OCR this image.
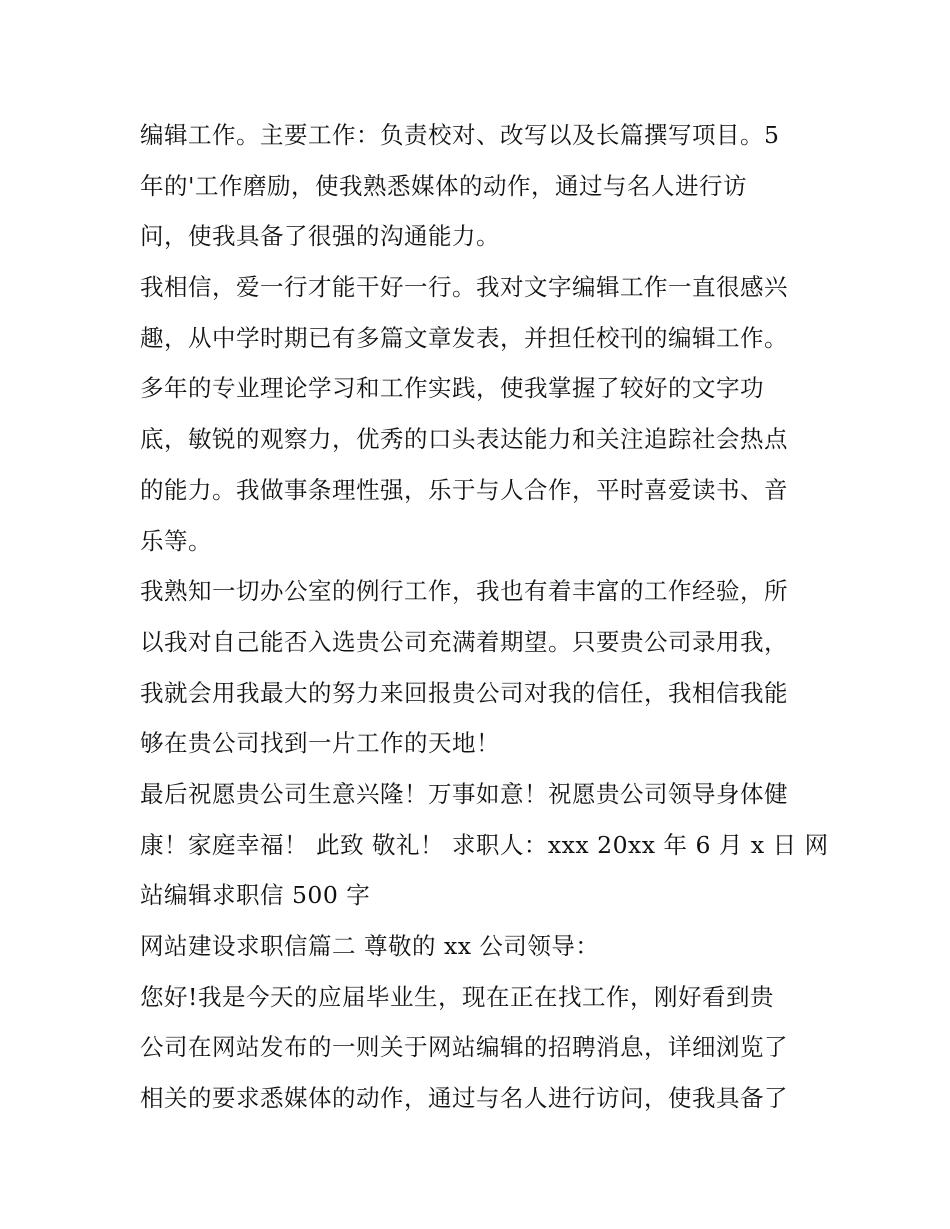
编辑工作。主要工作：负责校对、改写以及长篇撰写项目。5
年的'工作磨励，使我熟悉媒体的动作，通过与名人进行访
问，使我具备了很强的沟通能力。
我相信，爱一行才能干好一行。我对文字编辑工作一直很感兴
趣，从中学时期已有多篇文章发表，并担任校刊的编辑工作。
多年的专业理论学习和工作实践，使我掌握了较好的文字功
底，敏锐的观察力，优秀的口头表达能力和关注追踪社会热点
的能力。我做事条理性强，乐于与人合作，平时喜爱读书、音
乐等。
我熟知一切办公室的例行工作，我也有着丰富的工作经验，所
以我对自己能否入选贵公司充满着期望。只要贵公司录用我，
我就会用我最大的努力来回报贵公司对我的信任，我相信我能
够在贵公司找到一片工作的天地！
最后祝愿贵公司生意兴隆！万事如意！祝愿贵公司领导身体健
康！家庭幸福！ 此致 敬礼！ 求职人：xxx 20xx 年 6 月 x 日 网
站编辑求职信 500 字
网站建设求职信篇二 尊敬的 xx 公司领导：
您好!我是今天的应届毕业生，现在正在找工作，刚好看到贵
公司在网站发布的一则关于网站编辑的招聘消息，详细浏览了
相关的要求悉媒体的动作，通过与名人进行访问，使我具备了
